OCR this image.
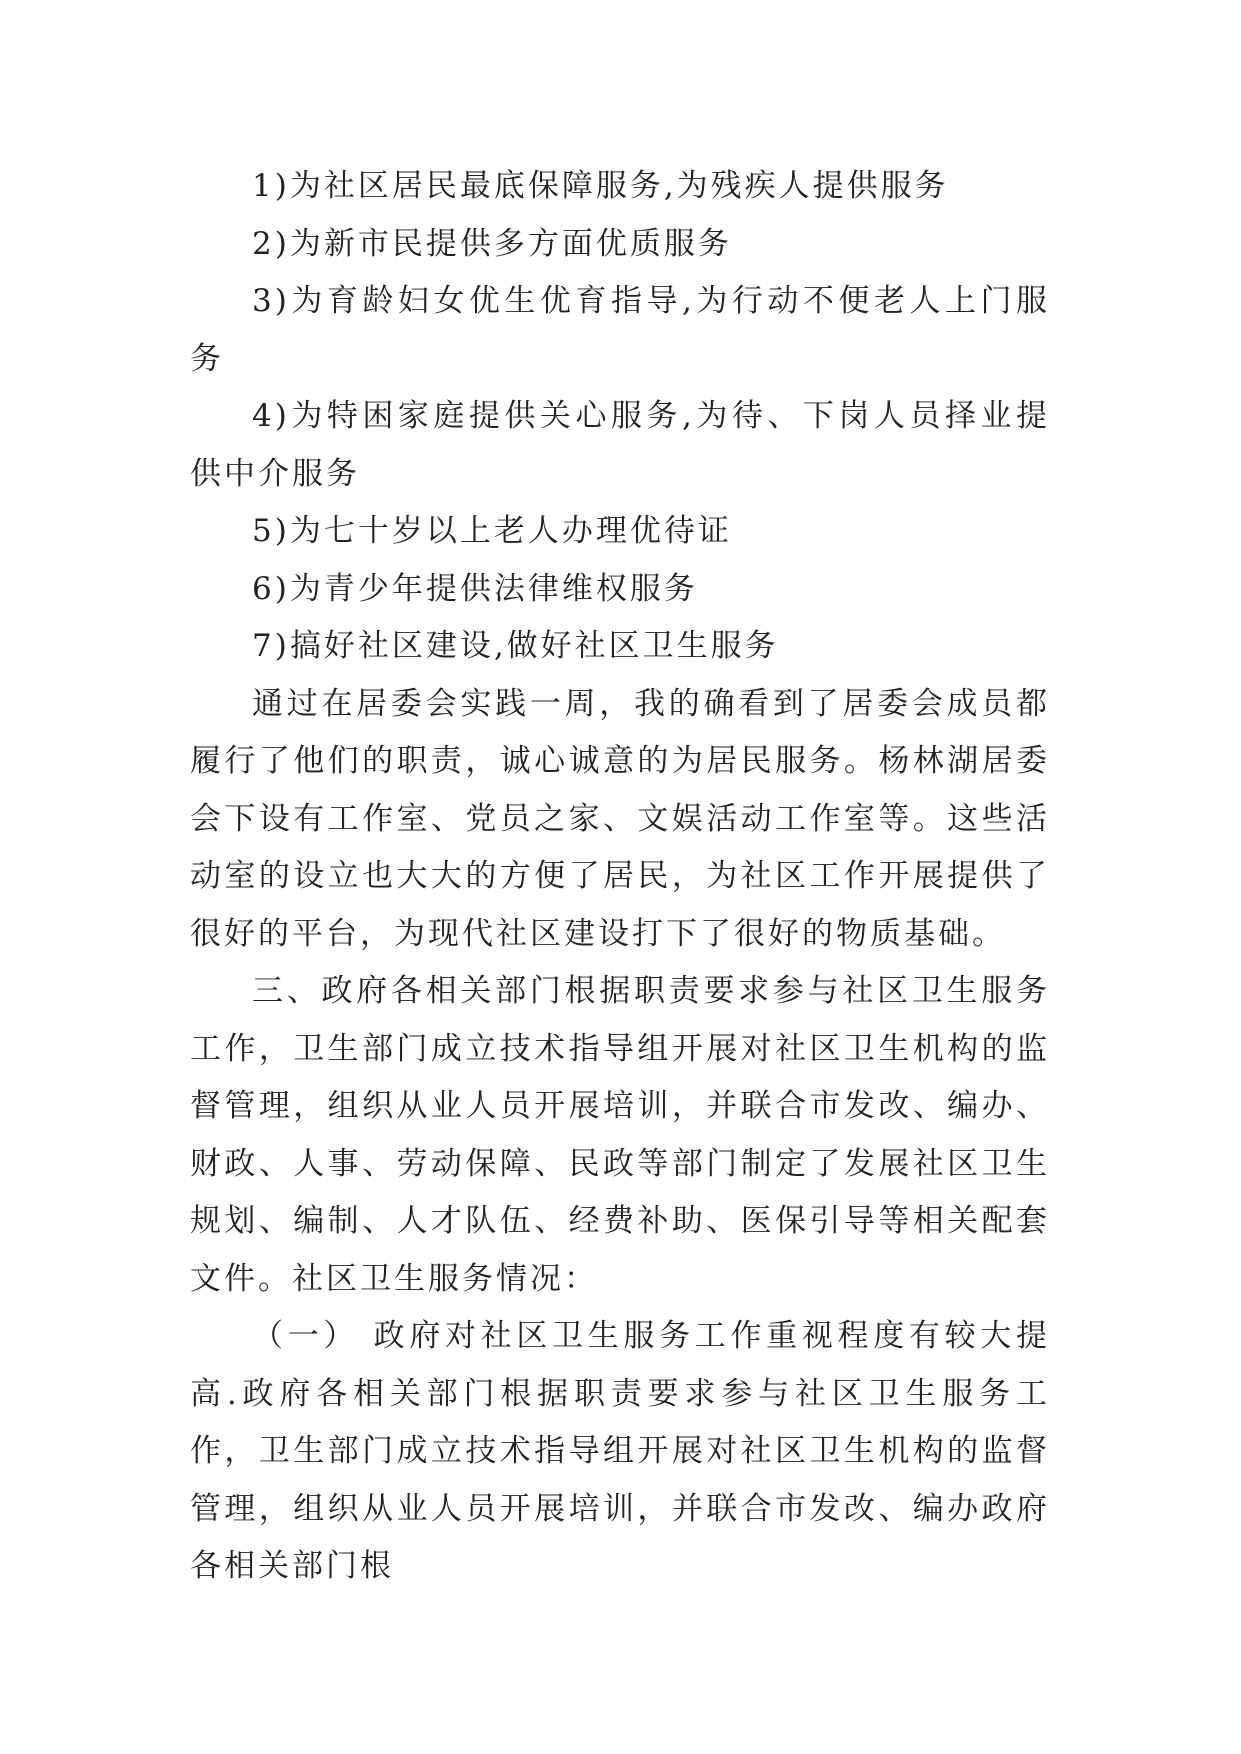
1)为社区居民最底保障服务,为残疾人提供服务

2)为新市民提供多方面优质服务

3)为育龄妇女优生优育指导,为行动不便老人上门服务

4)为特困家庭提供关心服务,为待、下岗人员择业提供中介服务

5)为七十岁以上老人办理优待证

6)为青少年提供法律维权服务

7)搞好社区建设,做好社区卫生服务

通过在居委会实践一周，我的确看到了居委会成员都履行了他们的职责，诚心诚意的为居民服务。杨林湖居委会下设有工作室、党员之家、文娱活动工作室等。这些活动室的设立也大大的方便了居民，为社区工作开展提供了很好的平台，为现代社区建设打下了很好的物质基础。

三、政府各相关部门根据职责要求参与社区卫生服务工作，卫生部门成立技术指导组开展对社区卫生机构的监督管理，组织从业人员开展培训，并联合市发改、编办、财政、人事、劳动保障、民政等部门制定了发展社区卫生规划、编制、人才队伍、经费补助、医保引导等相关配套文件。社区卫生服务情况：

（一） 政府对社区卫生服务工作重视程度有较大提高.政府各相关部门根据职责要求参与社区卫生服务工作，卫生部门成立技术指导组开展对社区卫生机构的监督管理，组织从业人员开展培训，并联合市发改、编办政府各相关部门根
